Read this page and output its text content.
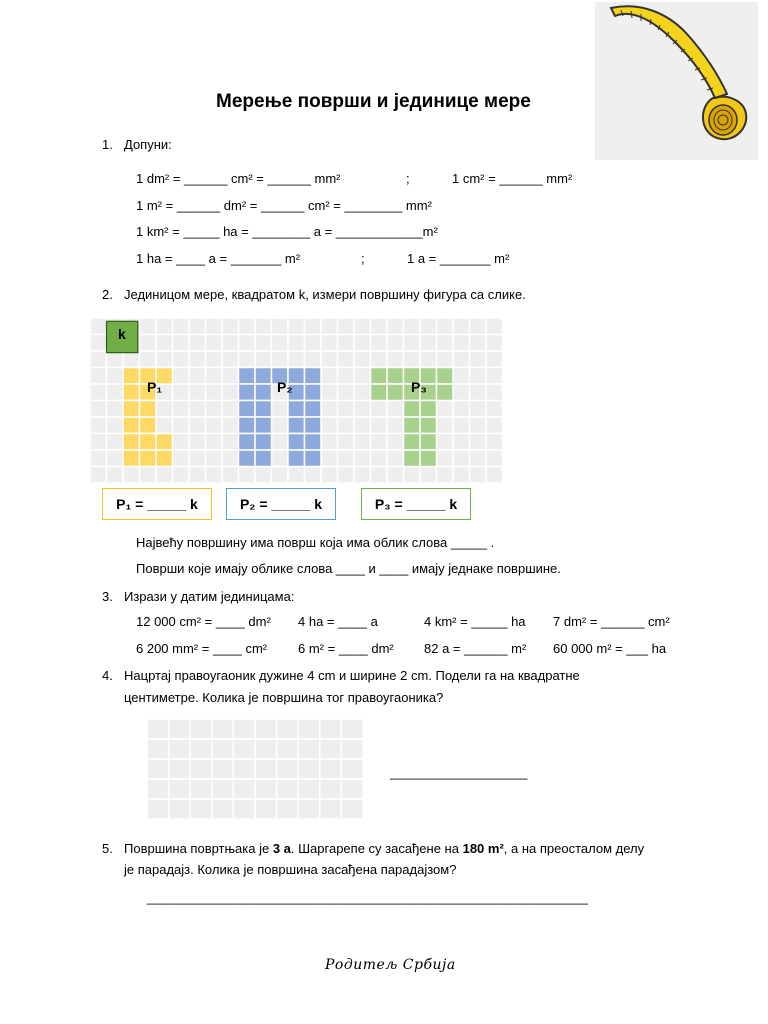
Мерење површи и јединице мере
1. Допуни:
1 dm² = ______ cm² = ______ mm²	;	1 cm² = ______ mm²
1 m² = ______ dm² = ______ cm² = ________ mm²
1 km² = _____ ha = ________ a = ____________m²
1 ha = ____ a = _______ m²	;	1 a = _______ m²
2. Јединицом мере, квадратом k, измери површину фигура са слике.
k
P₁	P₂	P₃
P₁ = _____ k	P₂ = _____ k	P₃ = _____ k
Највећу површину има површ која има облик слова _____ .
Површи које имају облике слова ____ и ____ имају једнаке површине.
3. Изрази у датим јединицама:
12 000 cm² = ____ dm² 4 ha = ____ a	4 km² = _____ ha 7 dm² = ______ cm²
6 200 mm² = ____ cm² 6 m² = ____ dm² 82 a = ______ m² 60 000 m² = ___ ha
4. Нацртај правоугаоник дужине 4 cm и ширине 2 cm. Подели га на квадратне
центиметре. Колика је површина тог правоугаоника?
___________________
5. Површина повртњака је 3 a. Шаргарепе су засађене на 180 m², а на преосталом делу
је парадајз. Колика је површина засађена парадајзом?
_____________________________________________________________
Родитељ Србија
